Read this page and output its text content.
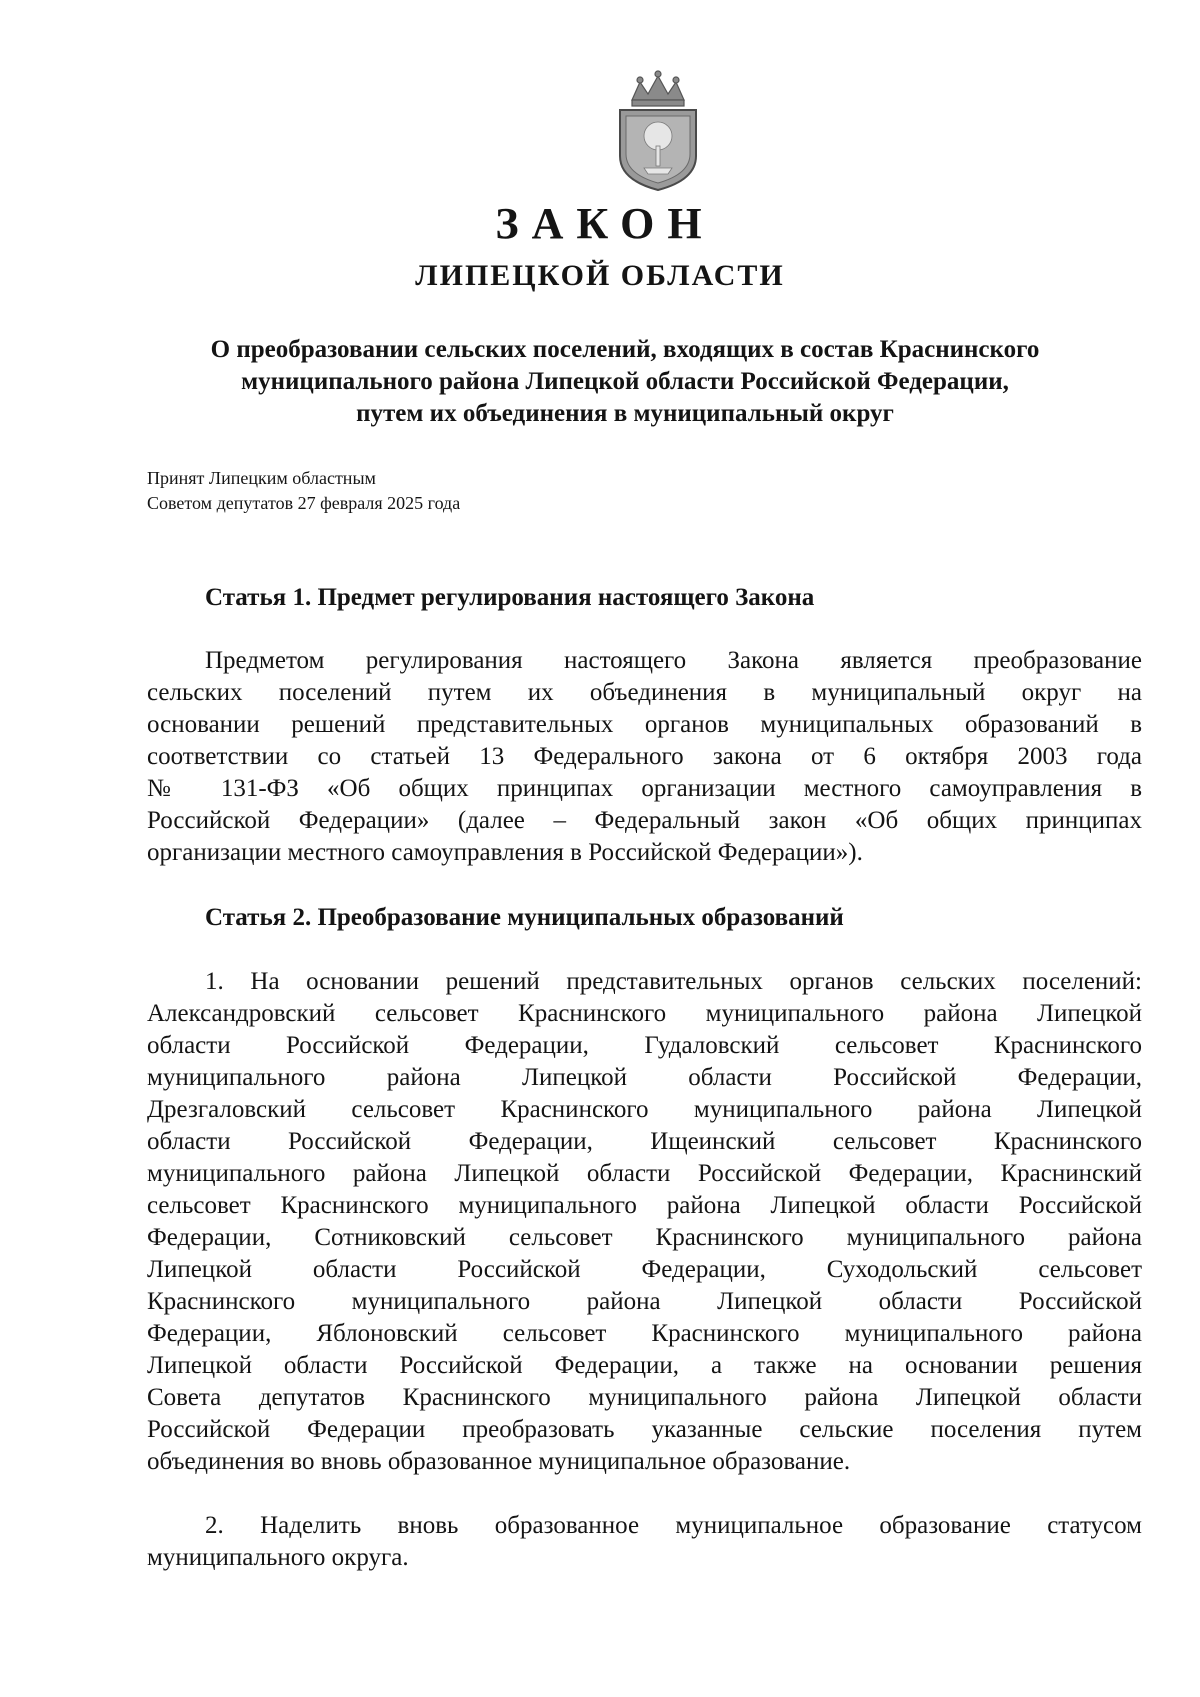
ЗАКОН
ЛИПЕЦКОЙ ОБЛАСТИ
О преобразовании сельских поселений, входящих в состав Краснинского
муниципального района Липецкой области Российской Федерации,
путем их объединения в муниципальный округ
Принят Липецким областным
Советом депутатов 27 февраля 2025 года
Статья 1. Предмет регулирования настоящего Закона
Предметом регулирования настоящего Закона является преобразование
сельских поселений путем их объединения в муниципальный округ на
основании решений представительных органов муниципальных образований в
соответствии со статьей 13 Федерального закона от 6 октября 2003 года
№ 131-ФЗ «Об общих принципах организации местного самоуправления в
Российской Федерации» (далее – Федеральный закон «Об общих принципах
организации местного самоуправления в Российской Федерации»).
Статья 2. Преобразование муниципальных образований
1. На основании решений представительных органов сельских поселений:
Александровский сельсовет Краснинского муниципального района Липецкой
области Российской Федерации, Гудаловский сельсовет Краснинского
муниципального района Липецкой области Российской Федерации,
Дрезгаловский сельсовет Краснинского муниципального района Липецкой
области Российской Федерации, Ищеинский сельсовет Краснинского
муниципального района Липецкой области Российской Федерации, Краснинский
сельсовет Краснинского муниципального района Липецкой области Российской
Федерации, Сотниковский сельсовет Краснинского муниципального района
Липецкой области Российской Федерации, Суходольский сельсовет
Краснинского муниципального района Липецкой области Российской
Федерации, Яблоновский сельсовет Краснинского муниципального района
Липецкой области Российской Федерации, а также на основании решения
Совета депутатов Краснинского муниципального района Липецкой области
Российской Федерации преобразовать указанные сельские поселения путем
объединения во вновь образованное муниципальное образование.
2. Наделить вновь образованное муниципальное образование статусом
муниципального округа.
